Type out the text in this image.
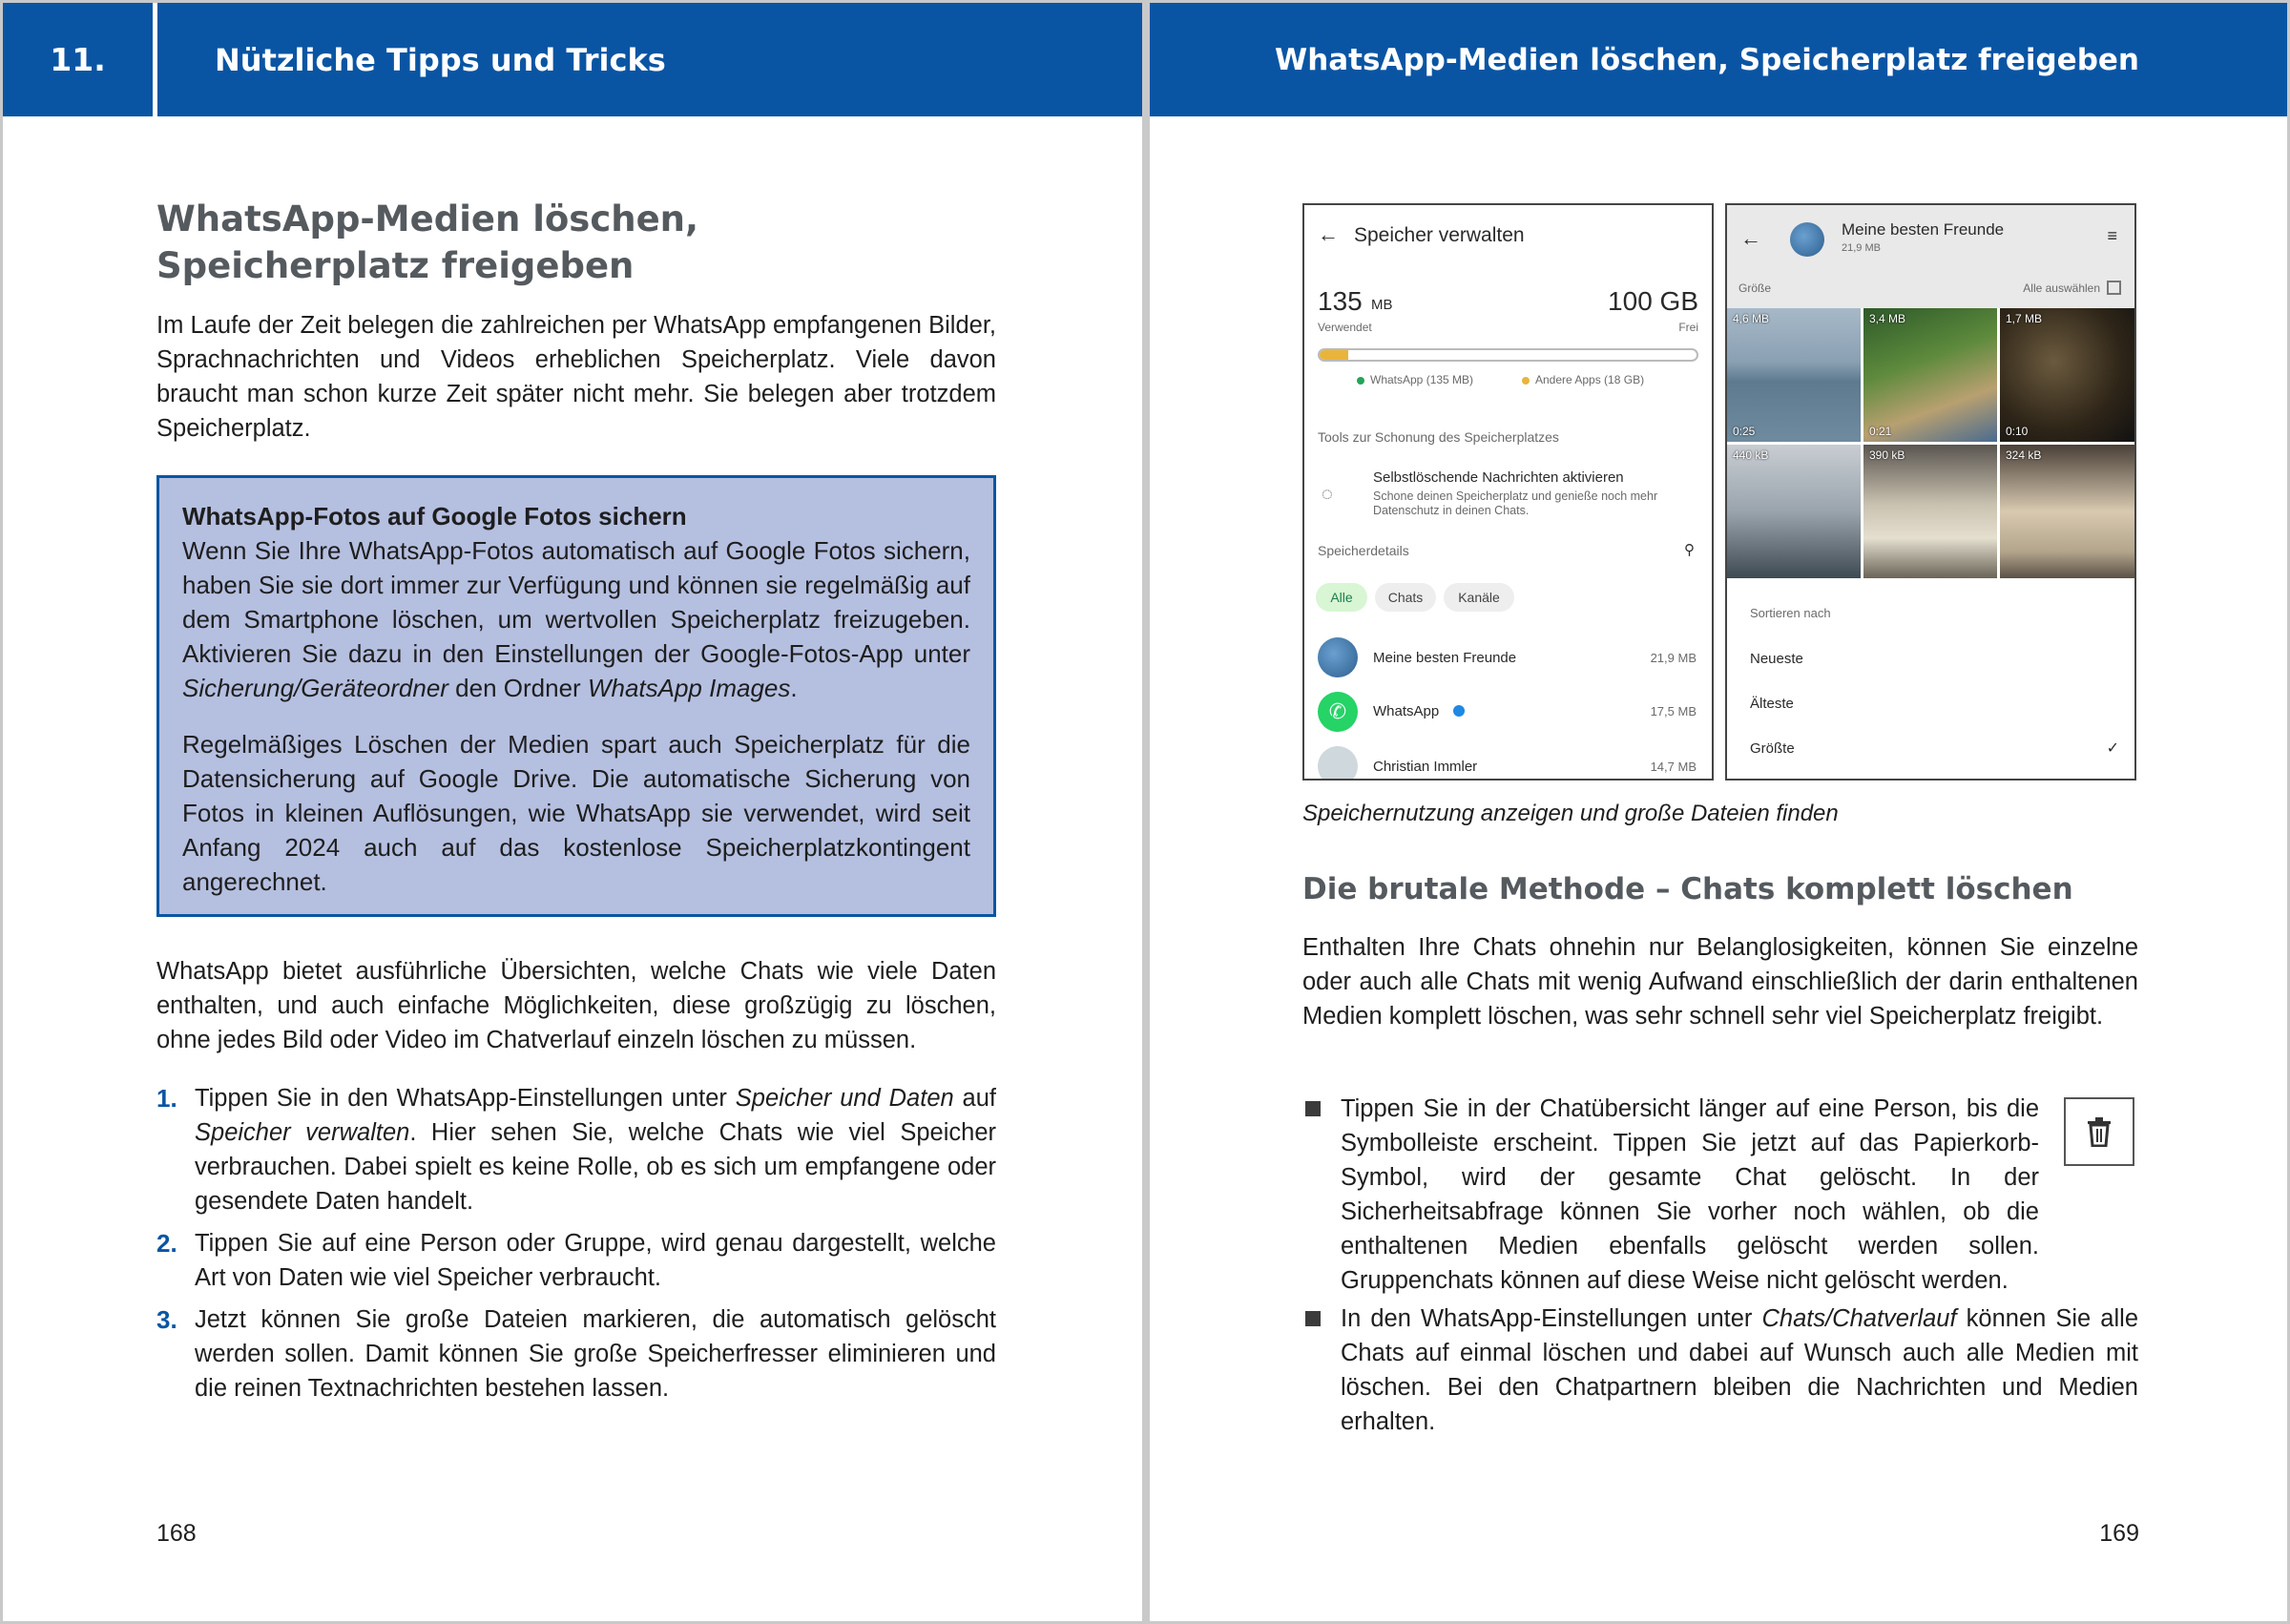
11.	Nützliche Tipps und Tricks
WhatsApp-Medien löschen, Speicherplatz freigeben
Im Laufe der Zeit belegen die zahlreichen per WhatsApp empfangenen Bilder, Sprachnachrichten und Videos erheblichen Speicherplatz. Viele davon braucht man schon kurze Zeit später nicht mehr. Sie belegen aber trotzdem Speicherplatz.
WhatsApp-Fotos auf Google Fotos sichern
Wenn Sie Ihre WhatsApp-Fotos automatisch auf Google Fotos sichern, haben Sie sie dort immer zur Verfügung und können sie regelmäßig auf dem Smartphone löschen, um wertvollen Speicherplatz freizugeben. Aktivieren Sie dazu in den Einstellungen der Google-Fotos-App unter Sicherung/Geräteordner den Ordner WhatsApp Images.
Regelmäßiges Löschen der Medien spart auch Speicherplatz für die Datensicherung auf Google Drive. Die automatische Sicherung von Fotos in kleinen Auflösungen, wie WhatsApp sie verwendet, wird seit Anfang 2024 auch auf das kostenlose Speicherplatzkontingent angerechnet.
WhatsApp bietet ausführliche Übersichten, welche Chats wie viele Daten enthalten, und auch einfache Möglichkeiten, diese großzügig zu löschen, ohne jedes Bild oder Video im Chatverlauf einzeln löschen zu müssen.
1. Tippen Sie in den WhatsApp-Einstellungen unter Speicher und Daten auf Speicher verwalten. Hier sehen Sie, welche Chats wie viel Speicher verbrauchen. Dabei spielt es keine Rolle, ob es sich um empfangene oder gesendete Daten handelt.
2. Tippen Sie auf eine Person oder Gruppe, wird genau dargestellt, welche Art von Daten wie viel Speicher verbraucht.
3. Jetzt können Sie große Dateien markieren, die automatisch gelöscht werden sollen. Damit können Sie große Speicherfresser eliminieren und die reinen Textnachrichten bestehen lassen.
168
WhatsApp-Medien löschen, Speicherplatz freigeben
← Speicher verwalten
135 MB
Verwendet
100 GB
Frei
WhatsApp (135 MB)	Andere Apps (18 GB)
Tools zur Schonung des Speicherplatzes
◌
Selbstlöschende Nachrichten aktivieren
Schone deinen Speicherplatz und genieße noch mehr Datenschutz in deinen Chats.
Speicherdetails	⚲
Alle	Chats	Kanäle
Meine besten Freunde	21,9 MB
✆	WhatsApp	17,5 MB
Christian Immler	14,7 MB
←	Meine besten Freunde
21,9 MB
≡
Größe	Alle auswählen
4,6 MB
0:25
3,4 MB
0:21
1,7 MB
0:10
440 kB	390 kB	324 kB
Sortieren nach
Neueste
Älteste
Größte	✓
Speichernutzung anzeigen und große Dateien finden
Die brutale Methode – Chats komplett löschen
Enthalten Ihre Chats ohnehin nur Belanglosigkeiten, können Sie einzelne oder auch alle Chats mit wenig Aufwand einschließlich der darin enthaltenen Medien komplett löschen, was sehr schnell sehr viel Speicherplatz freigibt.
Tippen Sie in der Chatübersicht länger auf eine Person, bis die Symbolleiste erscheint. Tippen Sie jetzt auf das Papierkorb-Symbol, wird der gesamte Chat gelöscht. In der Sicherheitsabfrage können Sie vorher noch wählen, ob die enthaltenen Medien ebenfalls gelöscht werden sollen. Gruppenchats können auf diese Weise nicht gelöscht werden.
In den WhatsApp-Einstellungen unter Chats/Chatverlauf können Sie alle Chats auf einmal löschen und dabei auf Wunsch auch alle Medien mit löschen. Bei den Chatpartnern bleiben die Nachrichten und Medien erhalten.
169
